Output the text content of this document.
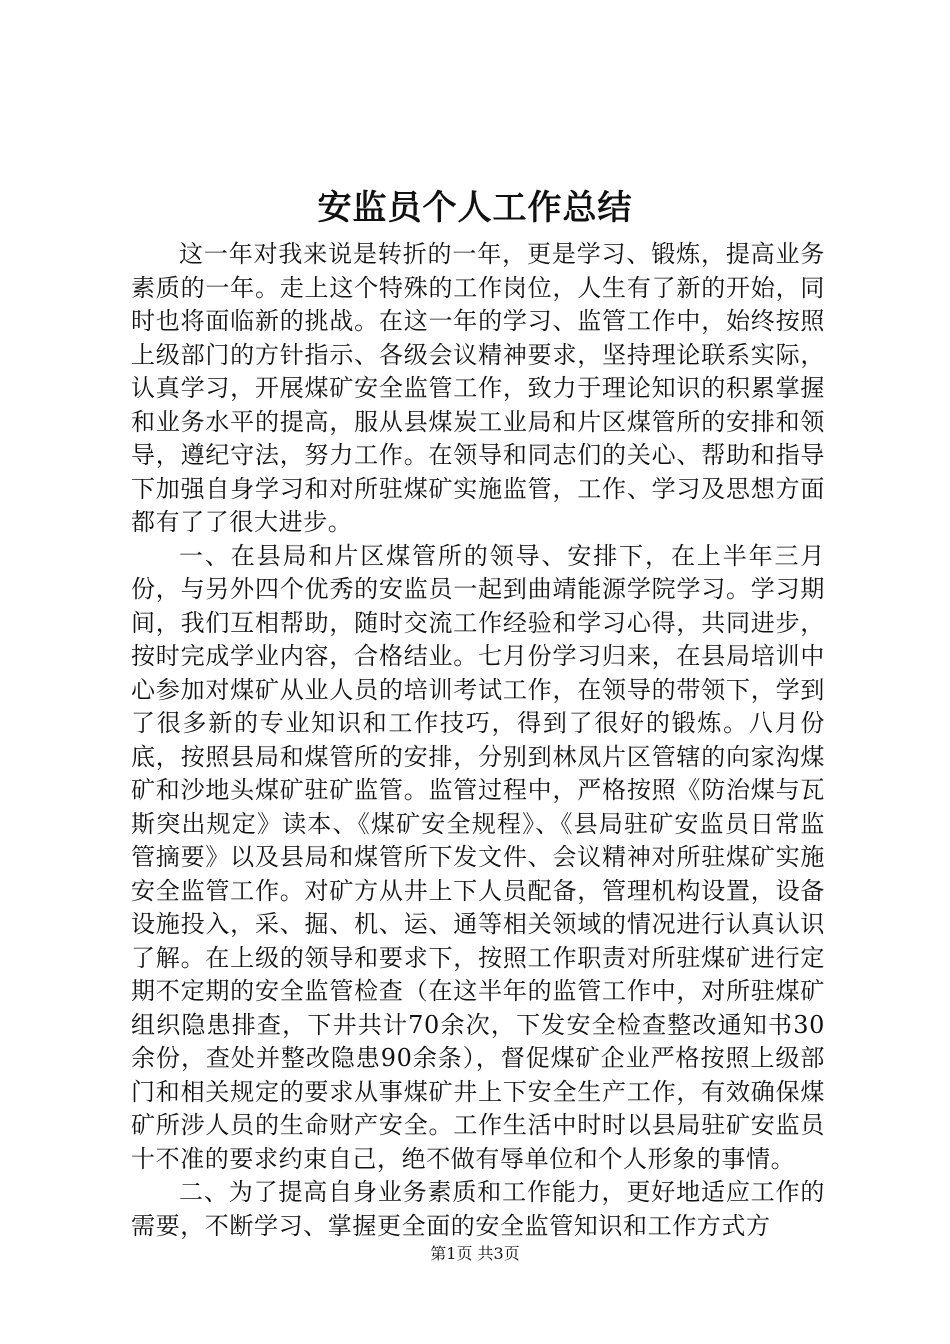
安监员个人工作总结

这一年对我来说是转折的一年，更是学习、锻炼，提高业务素质的一年。走上这个特殊的工作岗位，人生有了新的开始，同时也将面临新的挑战。在这一年的学习、监管工作中，始终按照上级部门的方针指示、各级会议精神要求，坚持理论联系实际，认真学习，开展煤矿安全监管工作，致力于理论知识的积累掌握和业务水平的提高，服从县煤炭工业局和片区煤管所的安排和领导，遵纪守法，努力工作。在领导和同志们的关心、帮助和指导下加强自身学习和对所驻煤矿实施监管，工作、学习及思想方面都有了了很大进步。

一、在县局和片区煤管所的领导、安排下，在上半年三月份，与另外四个优秀的安监员一起到曲靖能源学院学习。学习期间，我们互相帮助，随时交流工作经验和学习心得，共同进步，按时完成学业内容，合格结业。七月份学习归来，在县局培训中心参加对煤矿从业人员的培训考试工作，在领导的带领下，学到了很多新的专业知识和工作技巧，得到了很好的锻炼。八月份底，按照县局和煤管所的安排，分别到林凤片区管辖的向家沟煤矿和沙地头煤矿驻矿监管。监管过程中，严格按照《防治煤与瓦斯突出规定》读本、《煤矿安全规程》、《县局驻矿安监员日常监管摘要》以及县局和煤管所下发文件、会议精神对所驻煤矿实施安全监管工作。对矿方从井上下人员配备，管理机构设置，设备设施投入，采、掘、机、运、通等相关领域的情况进行认真认识了解。在上级的领导和要求下，按照工作职责对所驻煤矿进行定期不定期的安全监管检查（在这半年的监管工作中，对所驻煤矿组织隐患排查，下井共计70余次，下发安全检查整改通知书30余份，查处并整改隐患90余条），督促煤矿企业严格按照上级部门和相关规定的要求从事煤矿井上下安全生产工作，有效确保煤矿所涉人员的生命财产安全。工作生活中时时以县局驻矿安监员十不准的要求约束自己，绝不做有辱单位和个人形象的事情。

二、为了提高自身业务素质和工作能力，更好地适应工作的需要，不断学习、掌握更全面的安全监管知识和工作方式方

第1页 共3页
